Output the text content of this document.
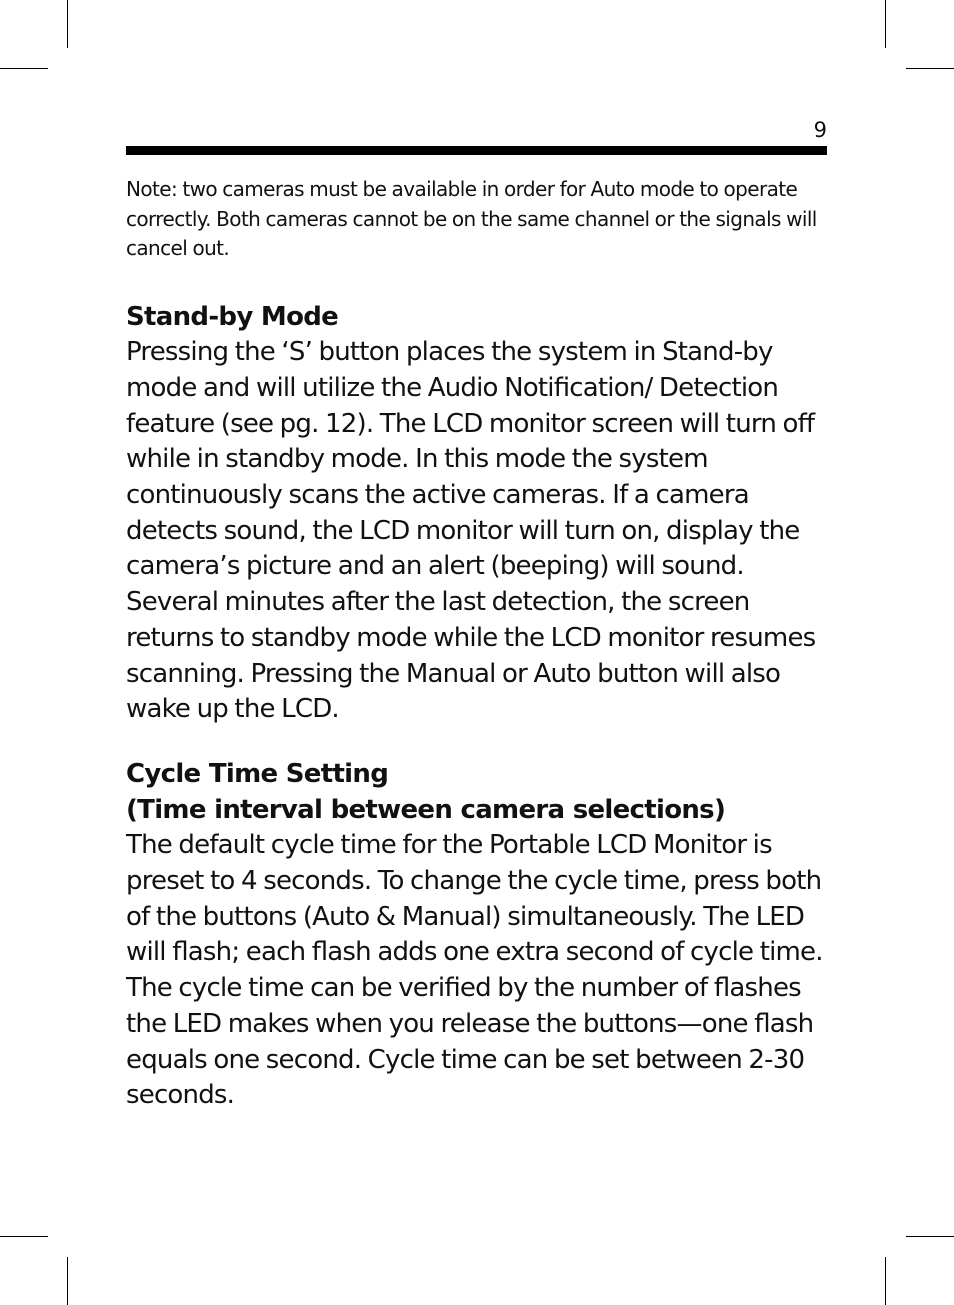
9

Note: two cameras must be available in order for Auto mode to operate correctly. Both cameras cannot be on the same channel or the signals will cancel out.

Stand-by Mode

Pressing the ‘S’ button places the system in Stand-by mode and will utilize the Audio Notiﬁcation/ Detection feature (see pg. 12). The LCD monitor screen will turn off while in standby mode. In this mode the system continuously scans the active cameras. If a camera detects sound, the LCD monitor will turn on, display the camera’s picture and an alert (beeping) will sound. Several minutes after the last detection, the screen returns to standby mode while the LCD monitor resumes scanning. Pressing the Manual or Auto button will also wake up the LCD.

Cycle Time Setting
(Time interval between camera selections)

The default cycle time for the Portable LCD Monitor is preset to 4 seconds. To change the cycle time, press both of the buttons (Auto & Manual) simultaneously. The LED will ﬂash; each ﬂash adds one extra second of cycle time. The cycle time can be veriﬁed by the number of ﬂashes the LED makes when you release the buttons—one ﬂash equals one second. Cycle time can be set between 2-30 seconds.
